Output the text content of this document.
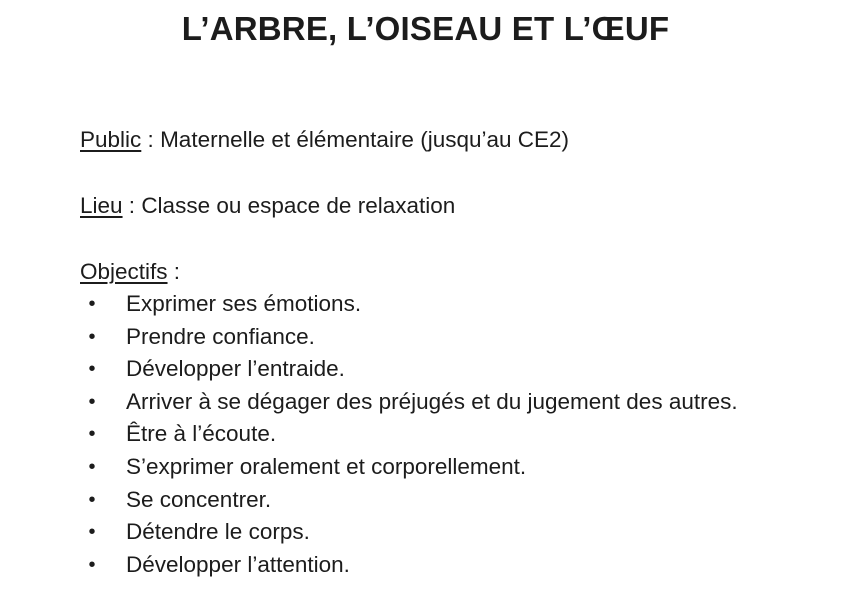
L’ARBRE, L’OISEAU ET L’ŒUF
Public : Maternelle et élémentaire (jusqu’au CE2)
Lieu : Classe ou espace de relaxation
Objectifs :
• Exprimer ses émotions.
• Prendre confiance.
• Développer l’entraide.
• Arriver à se dégager des préjugés et du jugement des autres.
• Être à l’écoute.
• S’exprimer oralement et corporellement.
• Se concentrer.
• Détendre le corps.
• Développer l’attention.
